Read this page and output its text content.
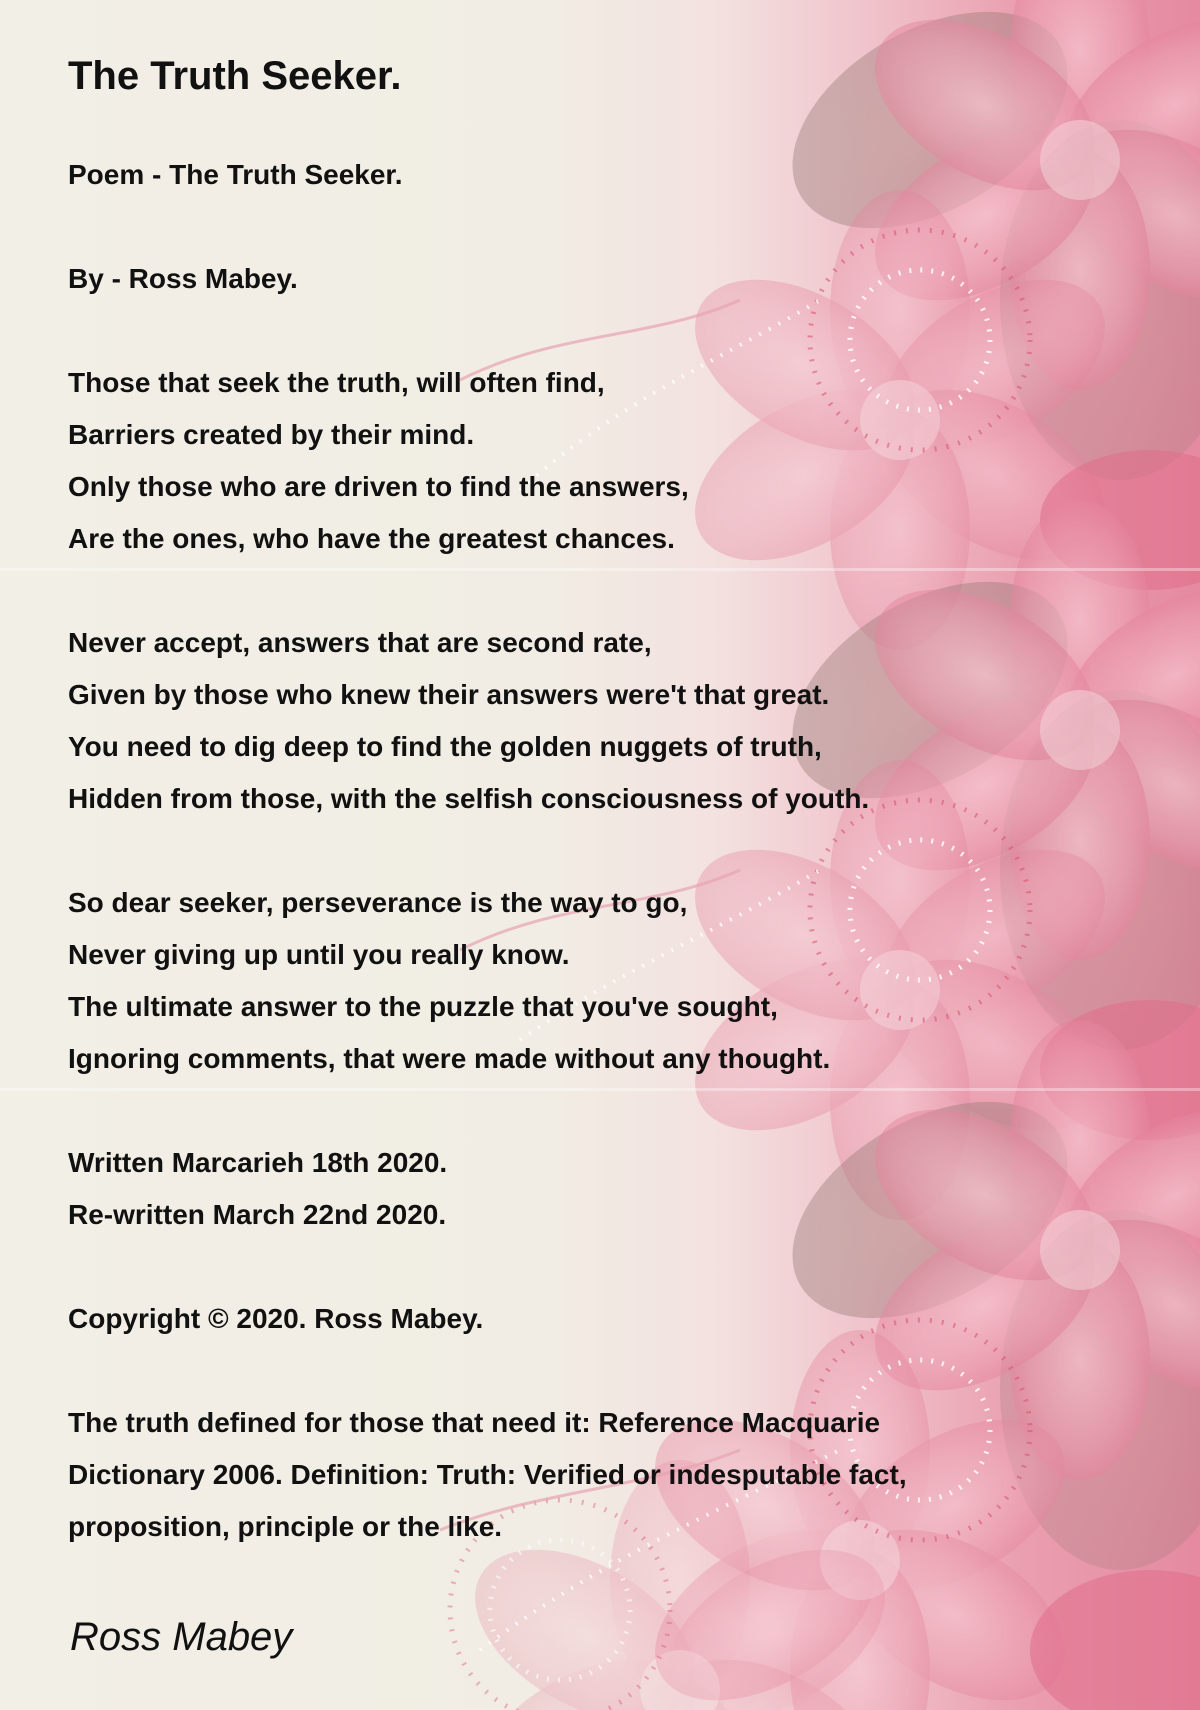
The Truth Seeker.

Poem - The Truth Seeker.

By - Ross Mabey.

Those that seek the truth, will often find,

Barriers created by their mind.

Only those who are driven to find the answers,

Are the ones, who have the greatest chances.

Never accept, answers that are second rate,

Given by those who knew their answers were't that great.

You need to dig deep to find the golden nuggets of truth,

Hidden from those, with the selfish consciousness of youth.

So dear seeker, perseverance is the way to go,

Never giving up until you really know.

The ultimate answer to the puzzle that you've sought,

Ignoring comments, that were made without any thought.

Written Marcarieh 18th 2020.

Re-written March 22nd 2020.

Copyright © 2020. Ross Mabey.

The truth defined for those that need it: Reference Macquarie

Dictionary 2006. Definition: Truth: Verified or indesputable fact,

proposition, principle or the like.

Ross Mabey
